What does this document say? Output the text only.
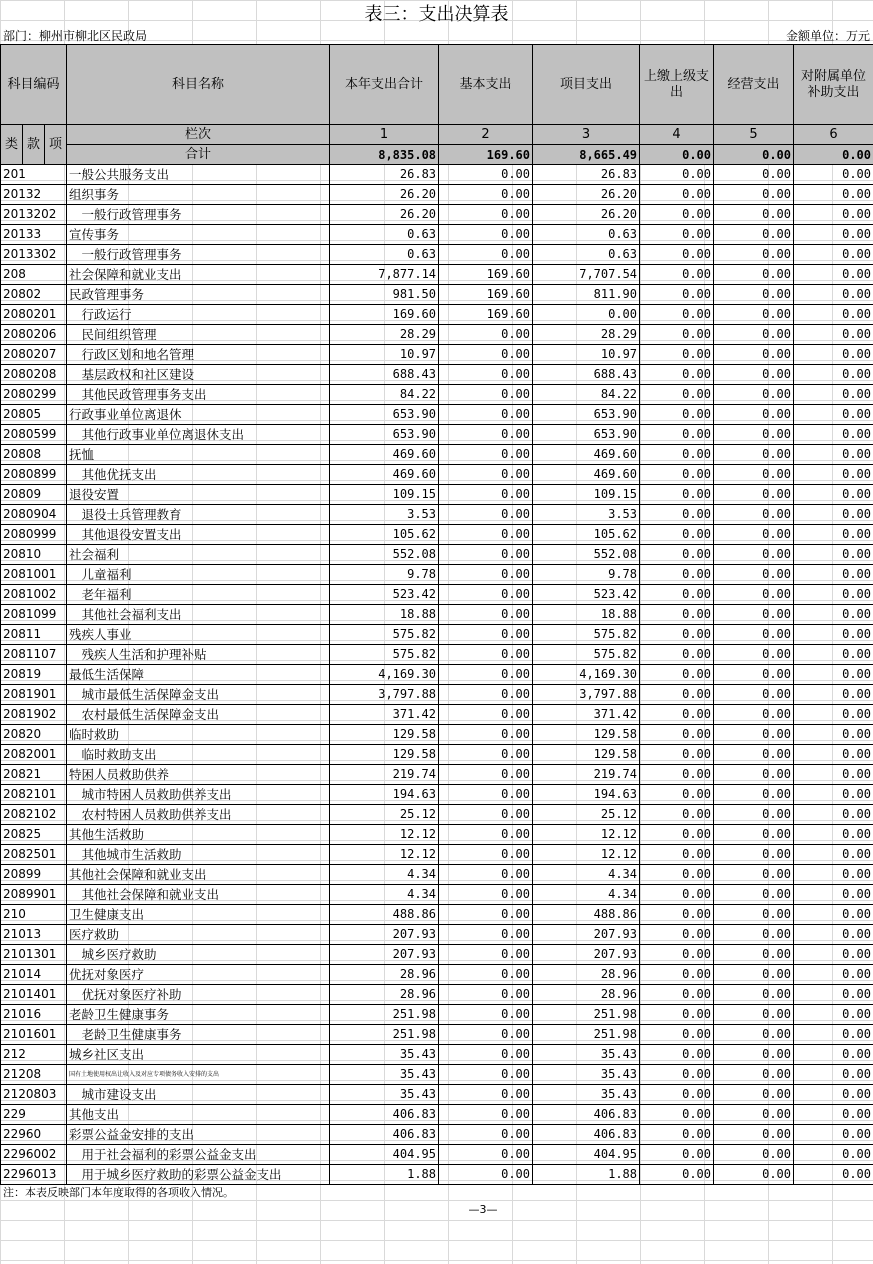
表三：支出决算表
部门：柳州市柳北区民政局	金额单位：万元
科目编码			科目名称	本年支出合计	基本支出	项目支出	上缴上级支出	经营支出	对附属单位补助支出
类	款	项	栏次	1	2	3	4	5	6
			合计	8,835.08	169.60	8,665.49	0.00	0.00	0.00
201			一般公共服务支出	26.83	0.00	26.83	0.00	0.00	0.00
20132			组织事务	26.20	0.00	26.20	0.00	0.00	0.00
2013202			　一般行政管理事务	26.20	0.00	26.20	0.00	0.00	0.00
20133			宣传事务	0.63	0.00	0.63	0.00	0.00	0.00
2013302			　一般行政管理事务	0.63	0.00	0.63	0.00	0.00	0.00
208			社会保障和就业支出	7,877.14	169.60	7,707.54	0.00	0.00	0.00
20802			民政管理事务	981.50	169.60	811.90	0.00	0.00	0.00
2080201			　行政运行	169.60	169.60	0.00	0.00	0.00	0.00
2080206			　民间组织管理	28.29	0.00	28.29	0.00	0.00	0.00
2080207			　行政区划和地名管理	10.97	0.00	10.97	0.00	0.00	0.00
2080208			　基层政权和社区建设	688.43	0.00	688.43	0.00	0.00	0.00
2080299			　其他民政管理事务支出	84.22	0.00	84.22	0.00	0.00	0.00
20805			行政事业单位离退休	653.90	0.00	653.90	0.00	0.00	0.00
2080599			　其他行政事业单位离退休支出	653.90	0.00	653.90	0.00	0.00	0.00
20808			抚恤	469.60	0.00	469.60	0.00	0.00	0.00
2080899			　其他优抚支出	469.60	0.00	469.60	0.00	0.00	0.00
20809			退役安置	109.15	0.00	109.15	0.00	0.00	0.00
2080904			　退役士兵管理教育	3.53	0.00	3.53	0.00	0.00	0.00
2080999			　其他退役安置支出	105.62	0.00	105.62	0.00	0.00	0.00
20810			社会福利	552.08	0.00	552.08	0.00	0.00	0.00
2081001			　儿童福利	9.78	0.00	9.78	0.00	0.00	0.00
2081002			　老年福利	523.42	0.00	523.42	0.00	0.00	0.00
2081099			　其他社会福利支出	18.88	0.00	18.88	0.00	0.00	0.00
20811			残疾人事业	575.82	0.00	575.82	0.00	0.00	0.00
2081107			　残疾人生活和护理补贴	575.82	0.00	575.82	0.00	0.00	0.00
20819			最低生活保障	4,169.30	0.00	4,169.30	0.00	0.00	0.00
2081901			　城市最低生活保障金支出	3,797.88	0.00	3,797.88	0.00	0.00	0.00
2081902			　农村最低生活保障金支出	371.42	0.00	371.42	0.00	0.00	0.00
20820			临时救助	129.58	0.00	129.58	0.00	0.00	0.00
2082001			　临时救助支出	129.58	0.00	129.58	0.00	0.00	0.00
20821			特困人员救助供养	219.74	0.00	219.74	0.00	0.00	0.00
2082101			　城市特困人员救助供养支出	194.63	0.00	194.63	0.00	0.00	0.00
2082102			　农村特困人员救助供养支出	25.12	0.00	25.12	0.00	0.00	0.00
20825			其他生活救助	12.12	0.00	12.12	0.00	0.00	0.00
2082501			　其他城市生活救助	12.12	0.00	12.12	0.00	0.00	0.00
20899			其他社会保障和就业支出	4.34	0.00	4.34	0.00	0.00	0.00
2089901			　其他社会保障和就业支出	4.34	0.00	4.34	0.00	0.00	0.00
210			卫生健康支出	488.86	0.00	488.86	0.00	0.00	0.00
21013			医疗救助	207.93	0.00	207.93	0.00	0.00	0.00
2101301			　城乡医疗救助	207.93	0.00	207.93	0.00	0.00	0.00
21014			优抚对象医疗	28.96	0.00	28.96	0.00	0.00	0.00
2101401			　优抚对象医疗补助	28.96	0.00	28.96	0.00	0.00	0.00
21016			老龄卫生健康事务	251.98	0.00	251.98	0.00	0.00	0.00
2101601			　老龄卫生健康事务	251.98	0.00	251.98	0.00	0.00	0.00
212			城乡社区支出	35.43	0.00	35.43	0.00	0.00	0.00
21208			国有土地使用权出让收入及对应专项债务收入安排的支出	35.43	0.00	35.43	0.00	0.00	0.00
2120803			　城市建设支出	35.43	0.00	35.43	0.00	0.00	0.00
229			其他支出	406.83	0.00	406.83	0.00	0.00	0.00
22960			彩票公益金安排的支出	406.83	0.00	406.83	0.00	0.00	0.00
2296002			　用于社会福利的彩票公益金支出	404.95	0.00	404.95	0.00	0.00	0.00
2296013			　用于城乡医疗救助的彩票公益金支出	1.88	0.00	1.88	0.00	0.00	0.00
注：本表反映部门本年度取得的各项收入情况。
—3—
